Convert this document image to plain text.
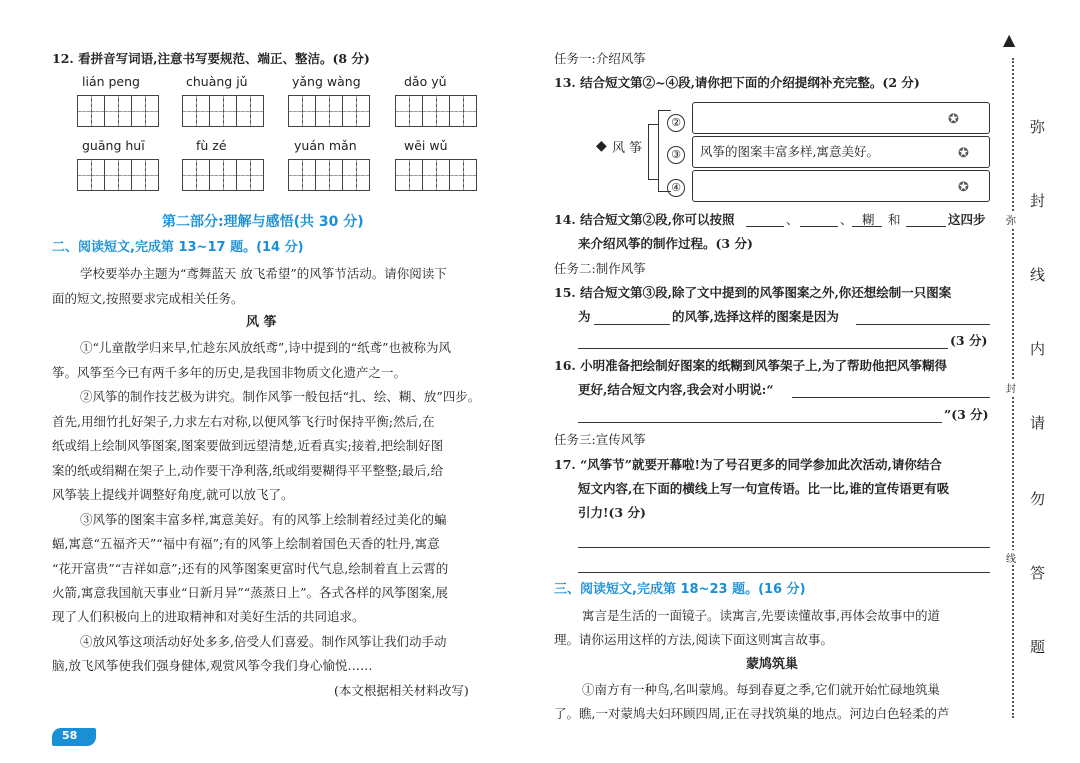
12. 看拼音写词语,注意书写要规范、端正、整洁。(8 分)
lián peng	chuàng jǔ	yǎng wàng	dǎo yǔ
guāng huī	fù zé	yuán mǎn	wēi wǔ
第二部分:理解与感悟(共 30 分)
二、阅读短文,完成第 13~17 题。(14 分)
学校要举办主题为“鸢舞蓝天 放飞希望”的风筝节活动。请你阅读下
面的短文,按照要求完成相关任务。
风 筝
①“儿童散学归来早,忙趁东风放纸鸢”,诗中提到的“纸鸢”也被称为风
筝。风筝至今已有两千多年的历史,是我国非物质文化遗产之一。
②风筝的制作技艺极为讲究。制作风筝一般包括“扎、绘、糊、放”四步。
首先,用细竹扎好架子,力求左右对称,以便风筝飞行时保持平衡;然后,在
纸或绢上绘制风筝图案,图案要做到远望清楚,近看真实;接着,把绘制好图
案的纸或绢糊在架子上,动作要干净利落,纸或绢要糊得平平整整;最后,给
风筝装上提线并调整好角度,就可以放飞了。
③风筝的图案丰富多样,寓意美好。有的风筝上绘制着经过美化的蝙
蝠,寓意“五福齐天”“福中有福”;有的风筝上绘制着国色天香的牡丹,寓意
“花开富贵”“吉祥如意”;还有的风筝图案更富时代气息,绘制着直上云霄的
火箭,寓意我国航天事业“日新月异”“蒸蒸日上”。各式各样的风筝图案,展
现了人们积极向上的进取精神和对美好生活的共同追求。
④放风筝这项活动好处多多,倍受人们喜爱。制作风筝让我们动手动
脑,放飞风筝使我们强身健体,观赏风筝令我们身心愉悦……
(本文根据相关材料改写)
58
任务一:介绍风筝
13. 结合短文第②~④段,请你把下面的介绍提纲补充完整。(2 分)
◆ 风 筝
②
③	风筝的图案丰富多样,寓意美好。
④
✪
✪
✪
14. 结合短文第②段,你可以按照	、	、 糊 和	这四步
来介绍风筝的制作过程。(3 分)
任务二:制作风筝
15. 结合短文第③段,除了文中提到的风筝图案之外,你还想绘制一只图案
为	的风筝,选择这样的图案是因为
(3 分)
16. 小明准备把绘制好图案的纸糊到风筝架子上,为了帮助他把风筝糊得
更好,结合短文内容,我会对小明说:“
”(3 分)
任务三:宣传风筝
17. “风筝节”就要开幕啦!为了号召更多的同学参加此次活动,请你结合
短文内容,在下面的横线上写一句宣传语。比一比,谁的宣传语更有吸
引力!(3 分)
三、阅读短文,完成第 18~23 题。(16 分)
寓言是生活的一面镜子。读寓言,先要读懂故事,再体会故事中的道
理。请你运用这样的方法,阅读下面这则寓言故事。
蒙鸠筑巢
①南方有一种鸟,名叫蒙鸠。每到春夏之季,它们就开始忙碌地筑巢
了。瞧,一对蒙鸠夫妇环顾四周,正在寻找筑巢的地点。河边白色轻柔的芦
▲
弥
封
线
内
请
勿
答
题
弥
封
线
